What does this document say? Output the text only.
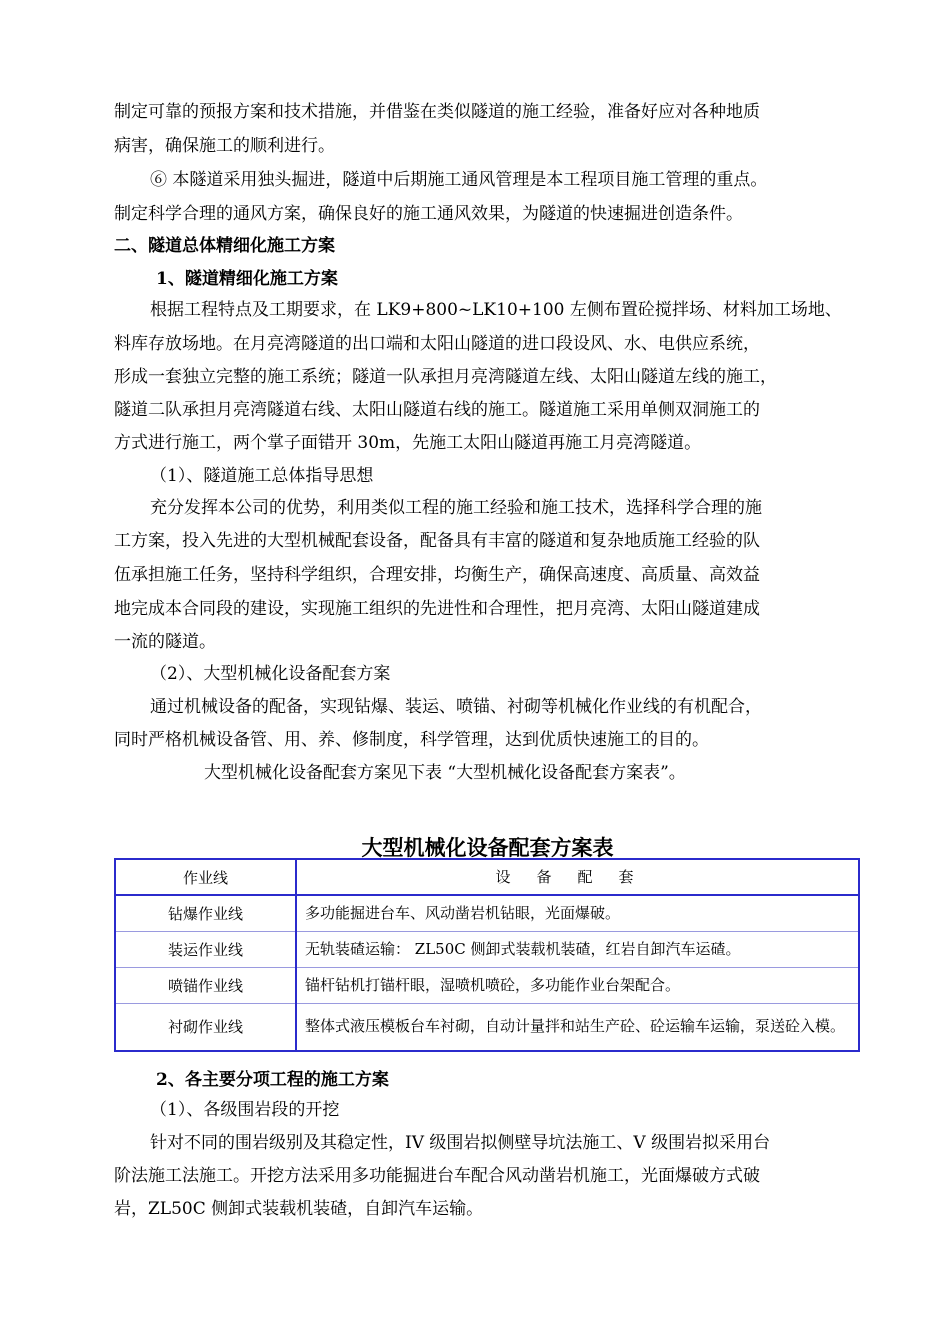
制定可靠的预报方案和技术措施，并借鉴在类似隧道的施工经验，准备好应对各种地质
病害，确保施工的顺利进行。
⑥ 本隧道采用独头掘进，隧道中后期施工通风管理是本工程项目施工管理的重点。
制定科学合理的通风方案，确保良好的施工通风效果，为隧道的快速掘进创造条件。
二、隧道总体精细化施工方案
1、隧道精细化施工方案
根据工程特点及工期要求，在 LK9+800~LK10+100 左侧布置砼搅拌场、材料加工场地、
料库存放场地。在月亮湾隧道的出口端和太阳山隧道的进口段设风、水、电供应系统，
形成一套独立完整的施工系统；隧道一队承担月亮湾隧道左线、太阳山隧道左线的施工，
隧道二队承担月亮湾隧道右线、太阳山隧道右线的施工。隧道施工采用单侧双洞施工的
方式进行施工，两个掌子面错开 30m，先施工太阳山隧道再施工月亮湾隧道。
（1）、隧道施工总体指导思想
充分发挥本公司的优势，利用类似工程的施工经验和施工技术，选择科学合理的施
工方案，投入先进的大型机械配套设备，配备具有丰富的隧道和复杂地质施工经验的队
伍承担施工任务，坚持科学组织，合理安排，均衡生产，确保高速度、高质量、高效益
地完成本合同段的建设，实现施工组织的先进性和合理性，把月亮湾、太阳山隧道建成
一流的隧道。
（2）、大型机械化设备配套方案
通过机械设备的配备，实现钻爆、装运、喷锚、衬砌等机械化作业线的有机配合，
同时严格机械设备管、用、养、修制度，科学管理，达到优质快速施工的目的。
大型机械化设备配套方案见下表 “大型机械化设备配套方案表”。
大型机械化设备配套方案表
作业线	设备配套
钻爆作业线	多功能掘进台车、风动凿岩机钻眼，光面爆破。
装运作业线	无轨装碴运输： ZL50C 侧卸式装载机装碴，红岩自卸汽车运碴。
喷锚作业线	锚杆钻机打锚杆眼，湿喷机喷砼，多功能作业台架配合。
衬砌作业线	整体式液压模板台车衬砌，自动计量拌和站生产砼、砼运输车运输，泵送砼入模。
2、各主要分项工程的施工方案
（1）、各级围岩段的开挖
针对不同的围岩级别及其稳定性，IV 级围岩拟侧壁导坑法施工、V 级围岩拟采用台
阶法施工法施工。开挖方法采用多功能掘进台车配合风动凿岩机施工，光面爆破方式破
岩，ZL50C 侧卸式装载机装碴，自卸汽车运输。
